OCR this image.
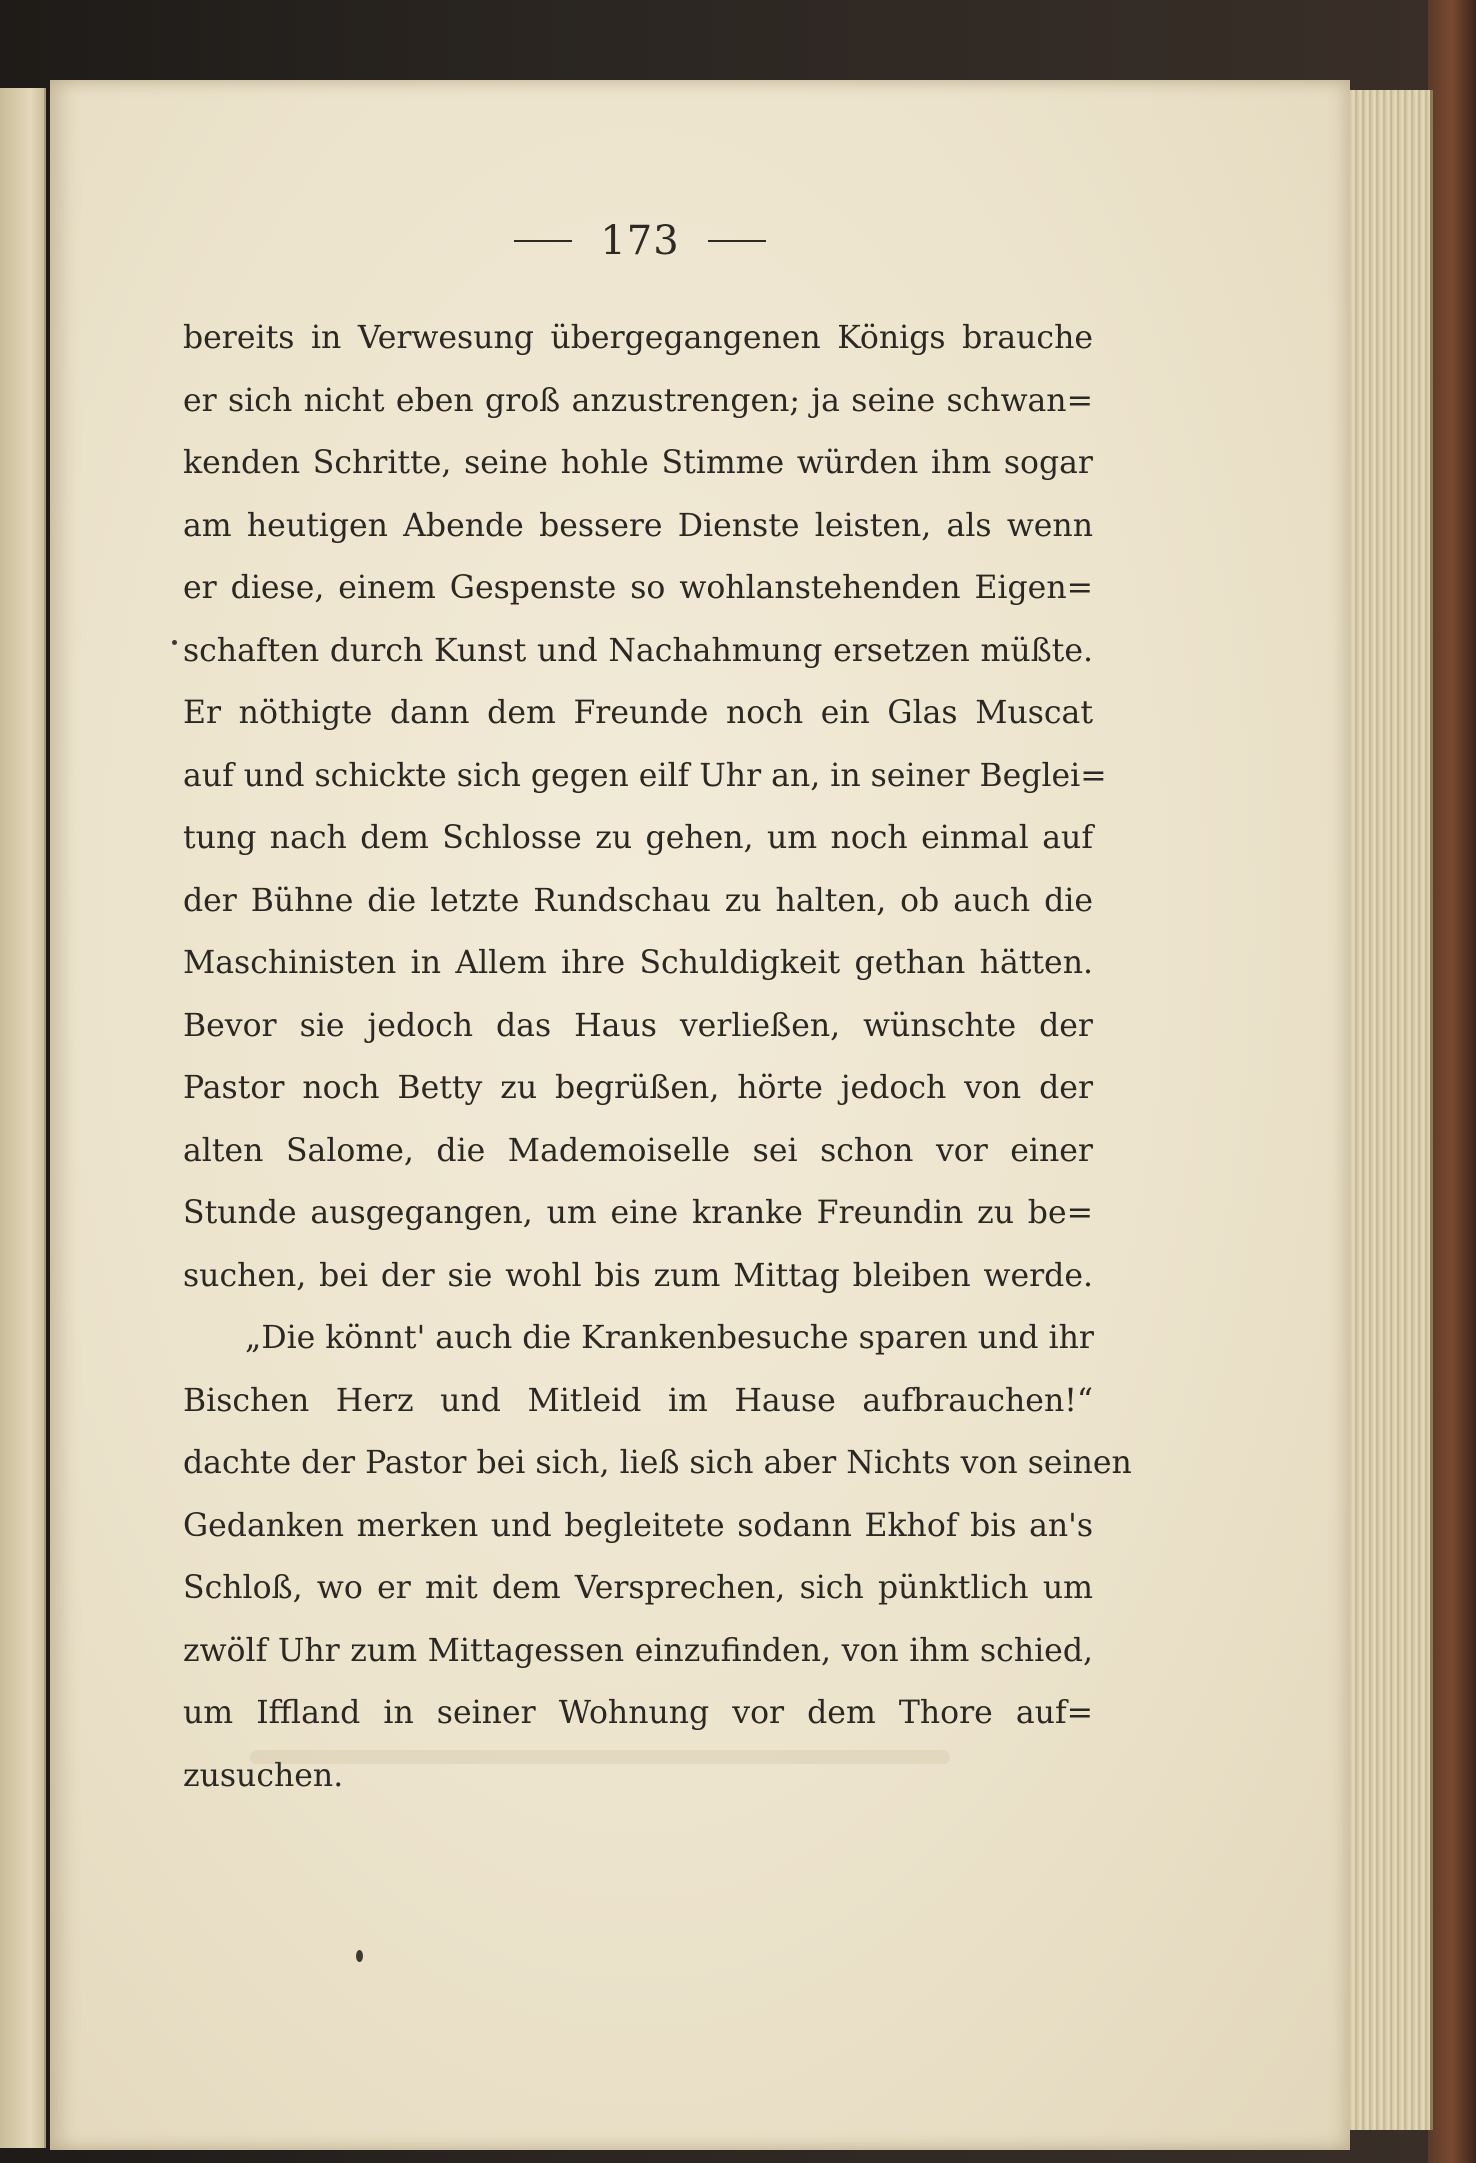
173
bereits in Verwesung übergegangenen Königs brauche
er sich nicht eben groß anzustrengen; ja seine schwan=
kenden Schritte, seine hohle Stimme würden ihm sogar
am heutigen Abende bessere Dienste leisten, als wenn
er diese, einem Gespenste so wohlanstehenden Eigen=
schaften durch Kunst und Nachahmung ersetzen müßte.
Er nöthigte dann dem Freunde noch ein Glas Muscat
auf und schickte sich gegen eilf Uhr an, in seiner Beglei=
tung nach dem Schlosse zu gehen, um noch einmal auf
der Bühne die letzte Rundschau zu halten, ob auch die
Maschinisten in Allem ihre Schuldigkeit gethan hätten.
Bevor sie jedoch das Haus verließen, wünschte der
Pastor noch Betty zu begrüßen, hörte jedoch von der
alten Salome, die Mademoiselle sei schon vor einer
Stunde ausgegangen, um eine kranke Freundin zu be=
suchen, bei der sie wohl bis zum Mittag bleiben werde.
„Die könnt' auch die Krankenbesuche sparen und ihr
Bischen Herz und Mitleid im Hause aufbrauchen!“
dachte der Pastor bei sich, ließ sich aber Nichts von seinen
Gedanken merken und begleitete sodann Ekhof bis an's
Schloß, wo er mit dem Versprechen, sich pünktlich um
zwölf Uhr zum Mittagessen einzufinden, von ihm schied,
um Iffland in seiner Wohnung vor dem Thore auf=
zusuchen.
